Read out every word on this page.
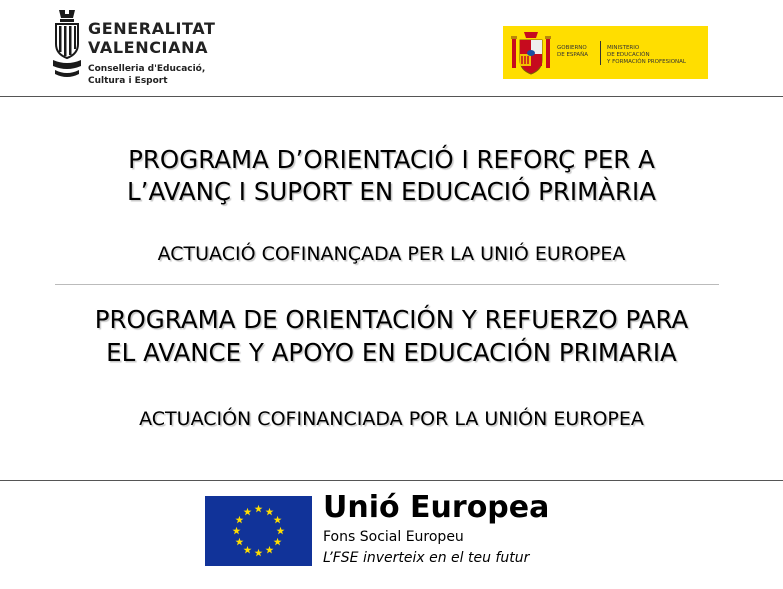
GENERALITAT
VALENCIANA
Conselleria d'Educació,
Cultura i Esport
GOBIERNO
DE ESPAÑA
MINISTERIO
DE EDUCACIÓN
Y FORMACIÓN PROFESIONAL
PROGRAMA D’ORIENTACIÓ I REFORÇ PER A
L’AVANÇ I SUPORT EN EDUCACIÓ PRIMÀRIA
ACTUACIÓ COFINANÇADA PER LA UNIÓ EUROPEA
PROGRAMA DE ORIENTACIÓN Y REFUERZO PARA
EL AVANCE Y APOYO EN EDUCACIÓN PRIMARIA
ACTUACIÓN COFINANCIADA POR LA UNIÓN EUROPEA
Unió Europea
Fons Social Europeu
L’FSE inverteix en el teu futur
